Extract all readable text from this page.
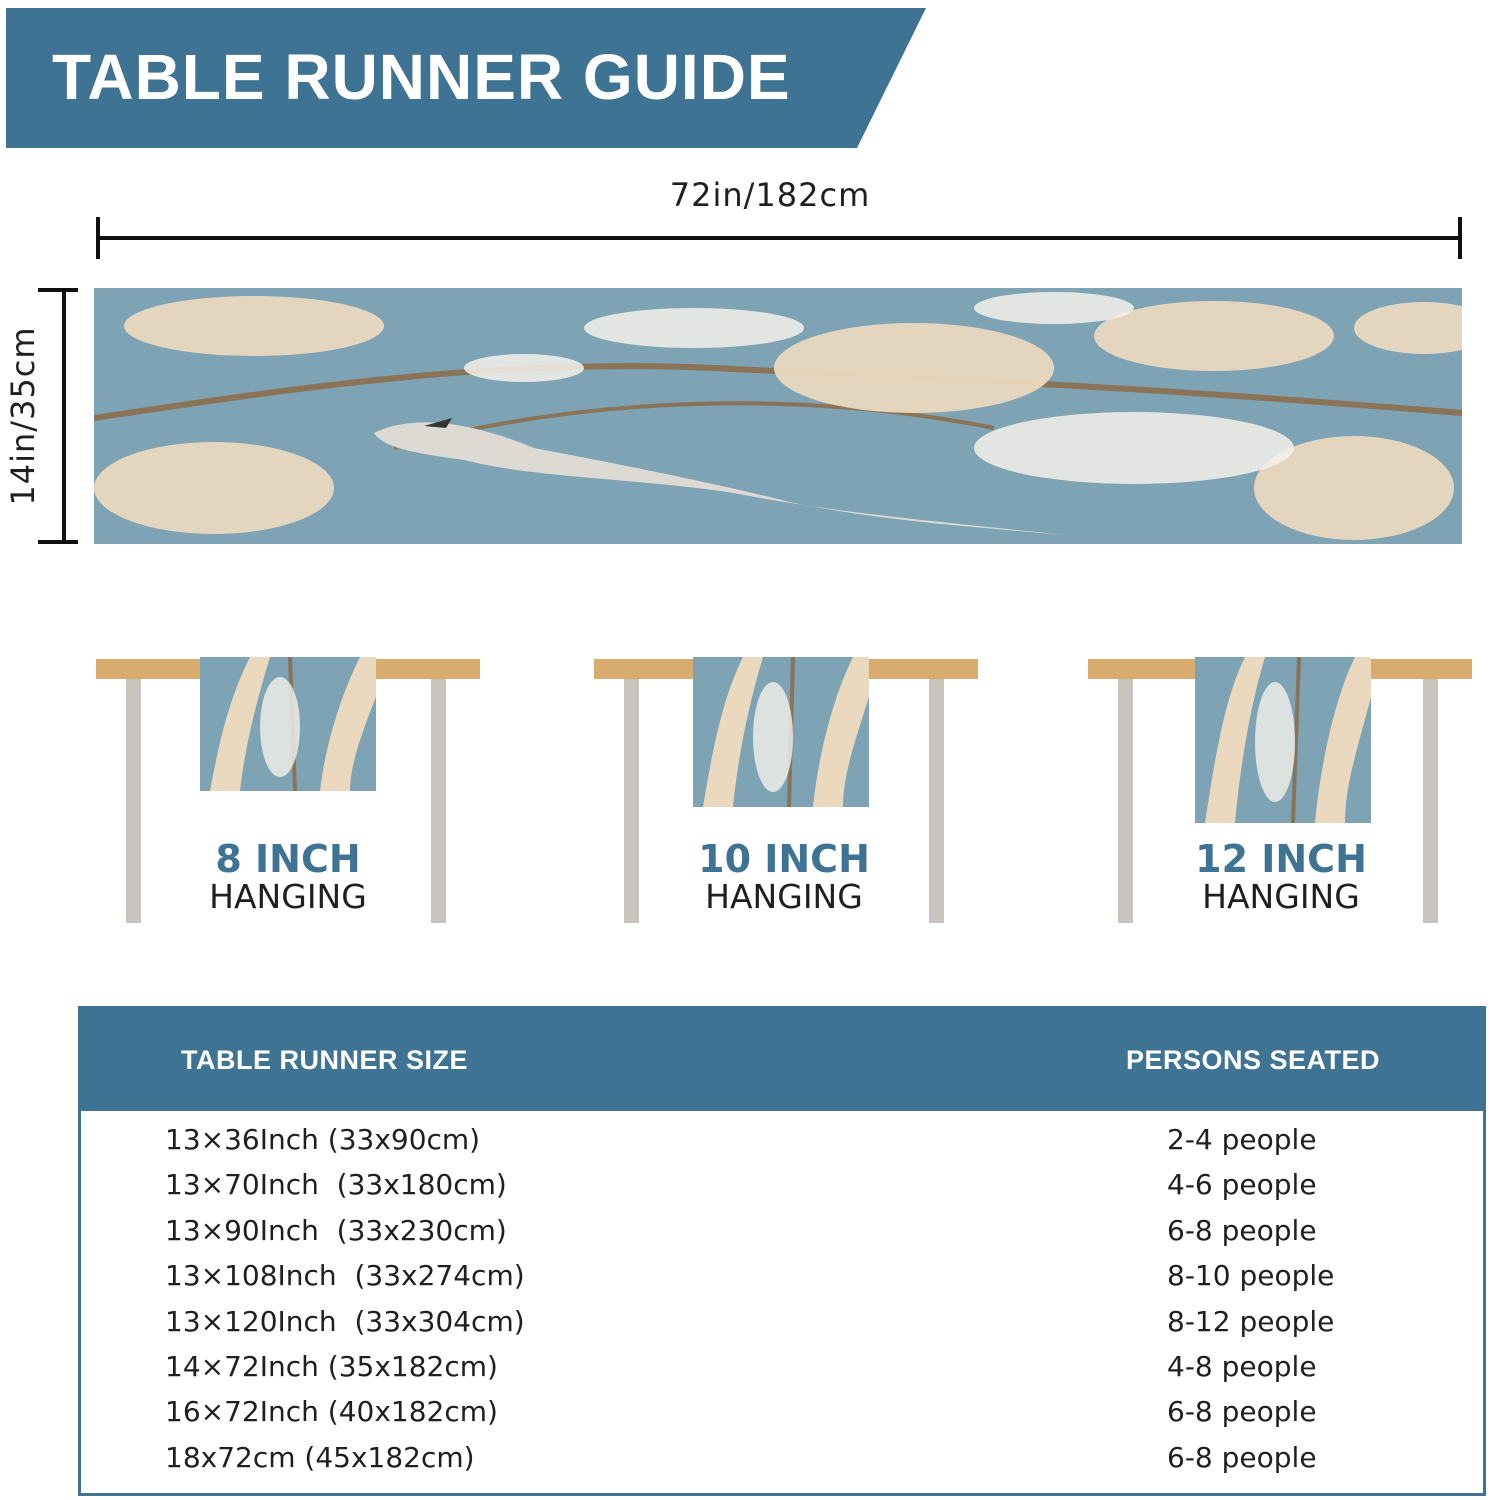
TABLE RUNNER GUIDE
72in/182cm
14in/35cm
8 INCH
HANGING
10 INCH
HANGING
12 INCH
HANGING
TABLE RUNNER SIZE	PERSONS SEATED
13×36Inch (33x90cm)	2-4 people
13×70Inch  (33x180cm)	4-6 people
13×90Inch  (33x230cm)	6-8 people
13×108Inch  (33x274cm)	8-10 people
13×120Inch  (33x304cm)	8-12 people
14×72Inch (35x182cm)	4-8 people
16×72Inch (40x182cm)	6-8 people
18x72cm (45x182cm)	6-8 people
